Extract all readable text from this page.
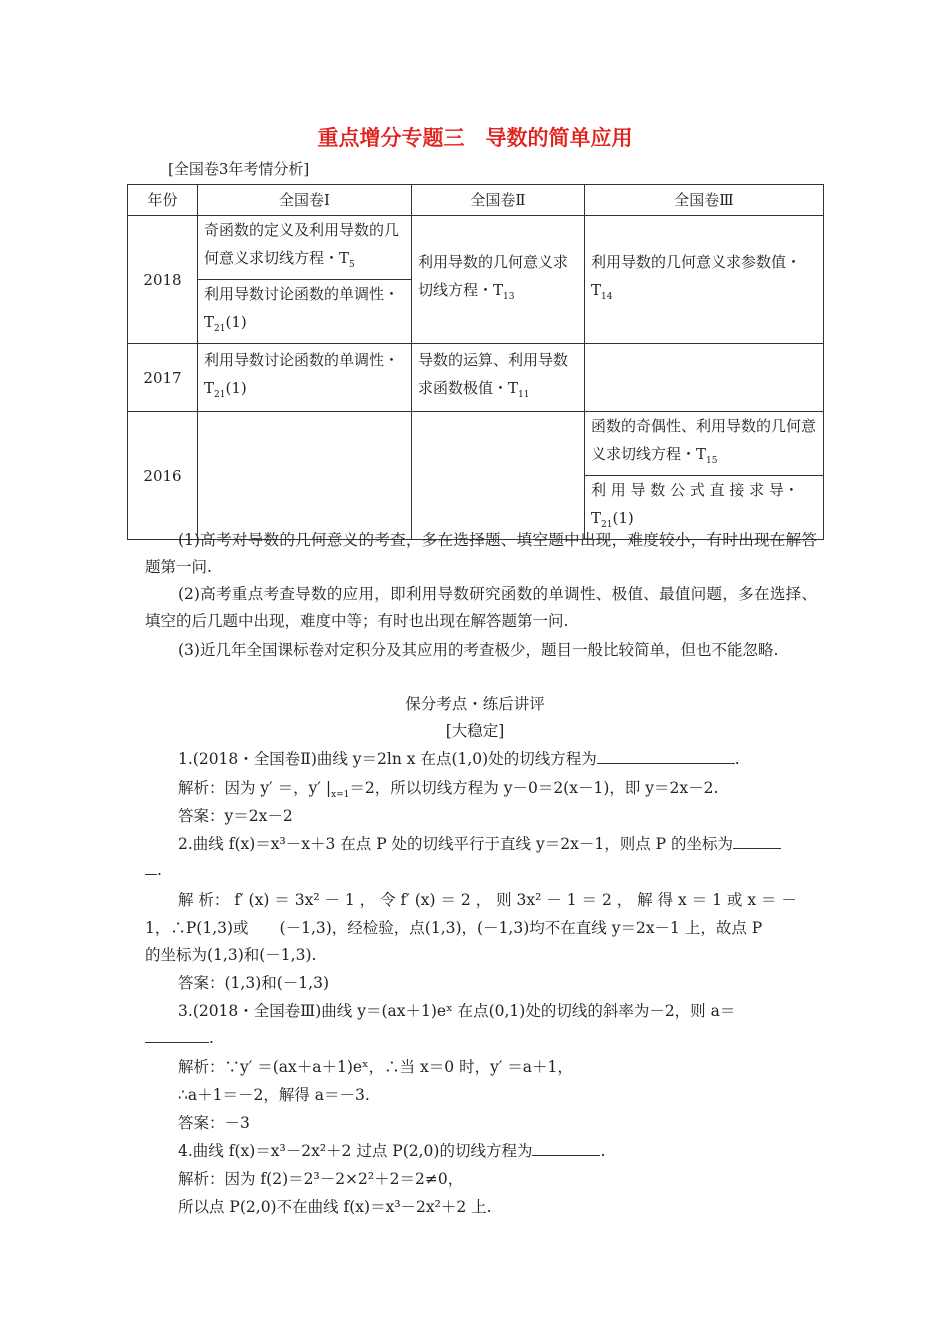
重点增分专题三　导数的简单应用
[全国卷3年考情分析]
年份	全国卷Ⅰ	全国卷Ⅱ	全国卷Ⅲ
2018	奇函数的定义及利用导数的几何意义求切线方程・$T_5$
利用导数讨论函数的单调性・$T_{21}(1)$	利用导数的几何意义求切线方程・$T_{13}$	利用导数的几何意义求参数值・$T_{14}$
2017	利用导数讨论函数的单调性・$T_{21}(1)$	导数的运算、利用导数求函数极值・$T_{11}$	
2016			函数的奇偶性、利用导数的几何意义求切线方程・$T_{15}$
利 用 导 数 公 式 直 接 求 导・$T_{21}(1)$
(1)高考对导数的几何意义的考查，多在选择题、填空题中出现，难度较小，有时出现在解答题第一问.
(2)高考重点考查导数的应用，即利用导数研究函数的单调性、极值、最值问题，多在选择、填空的后几题中出现，难度中等；有时也出现在解答题第一问.
(3)近几年全国课标卷对定积分及其应用的考查极少，题目一般比较简单，但也不能忽略.
保分考点・练后讲评
[大稳定]
1.(2018・全国卷Ⅱ)曲线 y＝2ln x 在点(1,0)处的切线方程为	.
解析：因为 y′ ＝，y′ $|_{x=1}=2$，所以切线方程为 y－0＝2(x－1)，即 y＝2x－2.
答案：y＝2x－2
2.曲线 f(x)＝x³－x＋3 在点 P 处的切线平行于直线 y＝2x－1，则点 P 的坐标为
.
解 析： f′ (x) ＝ 3x² － 1 ， 令 f′ (x) ＝ 2 ， 则 3x² － 1 ＝ 2 ， 解 得 x ＝ 1 或 x ＝ －
1，∴P(1,3)或　　(－1,3)，经检验，点(1,3)，(－1,3)均不在直线 y＝2x－1 上，故点 P
的坐标为(1,3)和(－1,3).
答案：(1,3)和(－1,3)
3.(2018・全国卷Ⅲ)曲线 y＝(ax＋1)eˣ 在点(0,1)处的切线的斜率为－2，则 a＝
.
解析：∵y′ ＝(ax＋a＋1)eˣ，∴当 x＝0 时，y′ ＝a＋1，
∴a＋1＝－2，解得 a＝－3.
答案：－3
4.曲线 f(x)＝x³－2x²＋2 过点 P(2,0)的切线方程为	.
解析：因为 f(2)＝2³－2×2²＋2＝2≠0，
所以点 P(2,0)不在曲线 f(x)＝x³－2x²＋2 上.
